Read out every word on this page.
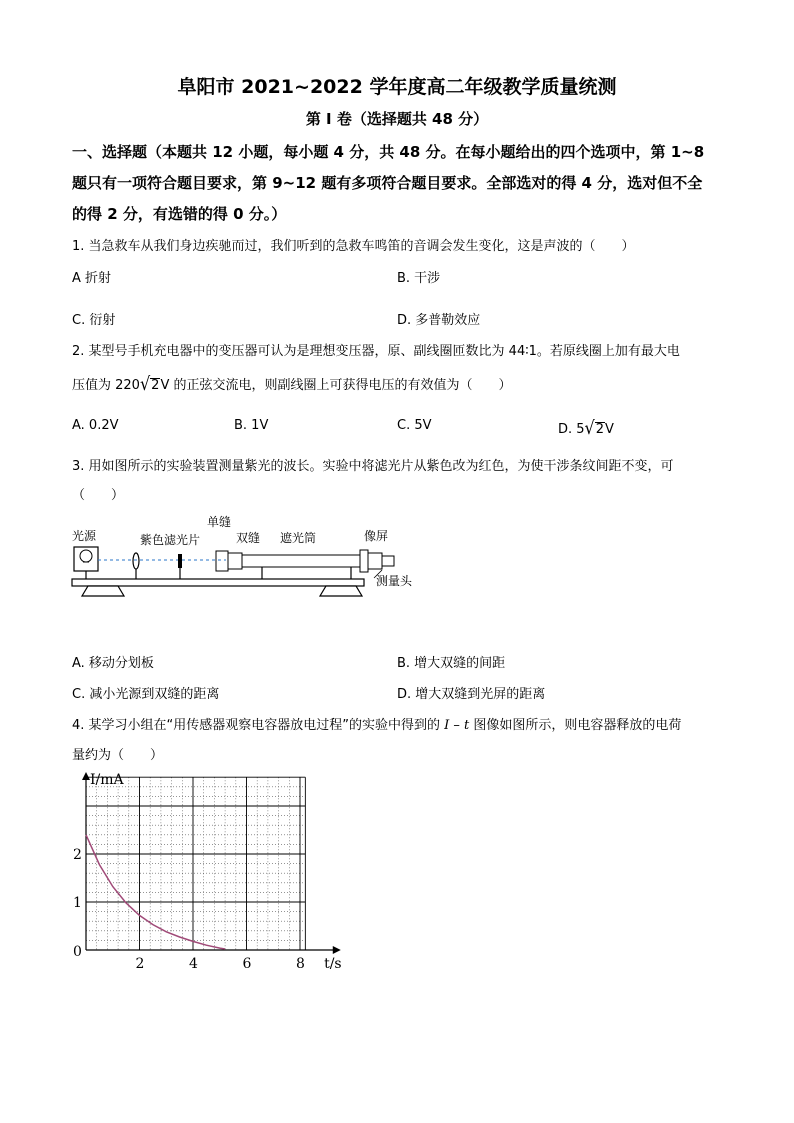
阜阳市 2021~2022 学年度高二年级教学质量统测
第 I 卷（选择题共 48 分）
一、选择题（本题共 12 小题，每小题 4 分，共 48 分。在每小题给出的四个选项中，第 1~8
题只有一项符合题目要求，第 9~12 题有多项符合题目要求。全部选对的得 4 分，选对但不全
的得 2 分，有选错的得 0 分。）
1. 当急救车从我们身边疾驰而过，我们听到的急救车鸣笛的音调会发生变化，这是声波的（　　）
A 折射	B. 干涉
C. 衍射	D. 多普勒效应
2. 某型号手机充电器中的变压器可认为是理想变压器，原、副线圈匝数比为 44∶1。若原线圈上加有最大电
压值为 220√2V 的正弦交流电，则副线圈上可获得电压的有效值为（　　）
A. 0.2V	B. 1V	C. 5V	D. 5√2V
3. 用如图所示的实验装置测量紫光的波长。实验中将滤光片从紫色改为红色，为使干涉条纹间距不变，可
（　　）
光源	紫色滤光片
单缝
双缝 遮光筒	像屏
测量头
A. 移动分划板	B. 增大双缝的间距
C. 减小光源到双缝的距离	D. 增大双缝到光屏的距离
4. 某学习小组在“用传感器观察电容器放电过程”的实验中得到的 I – t 图像如图所示，则电容器释放的电荷
量约为（　　）
0
2	4	6	8
1
2
I/mA
t/s
